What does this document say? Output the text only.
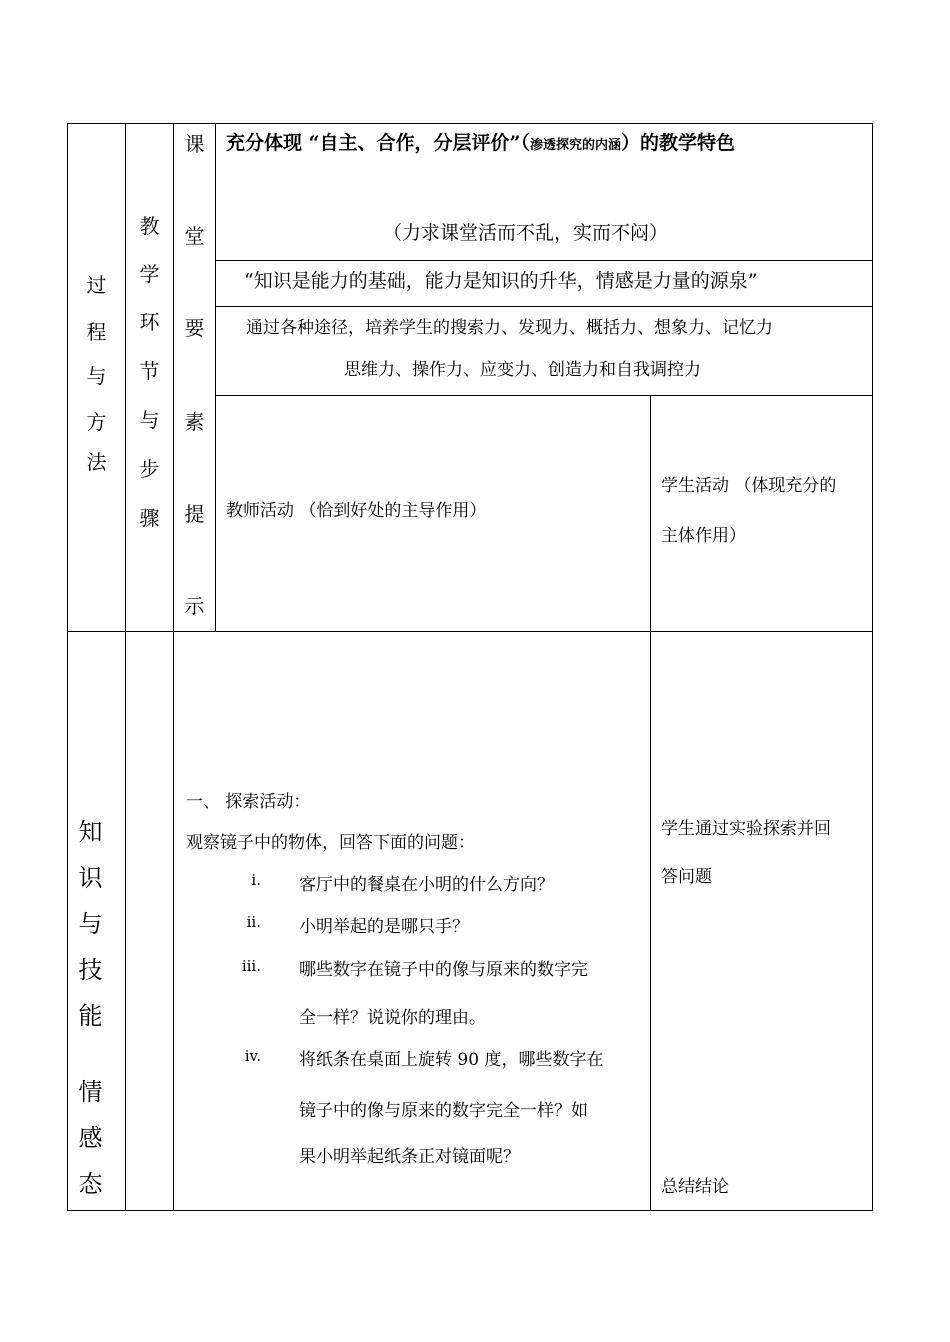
过
程
与
方
法
教
学
环
节
与
步
骤
课
堂
要
素
提
示
充分体现 “自主、合作，分层评价”（渗透探究的内涵）的教学特色
（力求课堂活而不乱，实而不闷）
“知识是能力的基础，能力是知识的升华，情感是力量的源泉”
通过各种途径，培养学生的搜索力、发现力、概括力、想象力、记忆力
思维力、操作力、应变力、创造力和自我调控力
教师活动 （恰到好处的主导作用）
学生活动 （体现充分的
主体作用）
知
识
与
技
能
情
感
态
一、 探索活动：
观察镜子中的物体，回答下面的问题：
i. 客厅中的餐桌在小明的什么方向？
ii. 小明举起的是哪只手？
iii. 哪些数字在镜子中的像与原来的数字完
全一样？说说你的理由。
iv. 将纸条在桌面上旋转 90 度，哪些数字在
镜子中的像与原来的数字完全一样？如
果小明举起纸条正对镜面呢？
学生通过实验探索并回
答问题
总结结论
